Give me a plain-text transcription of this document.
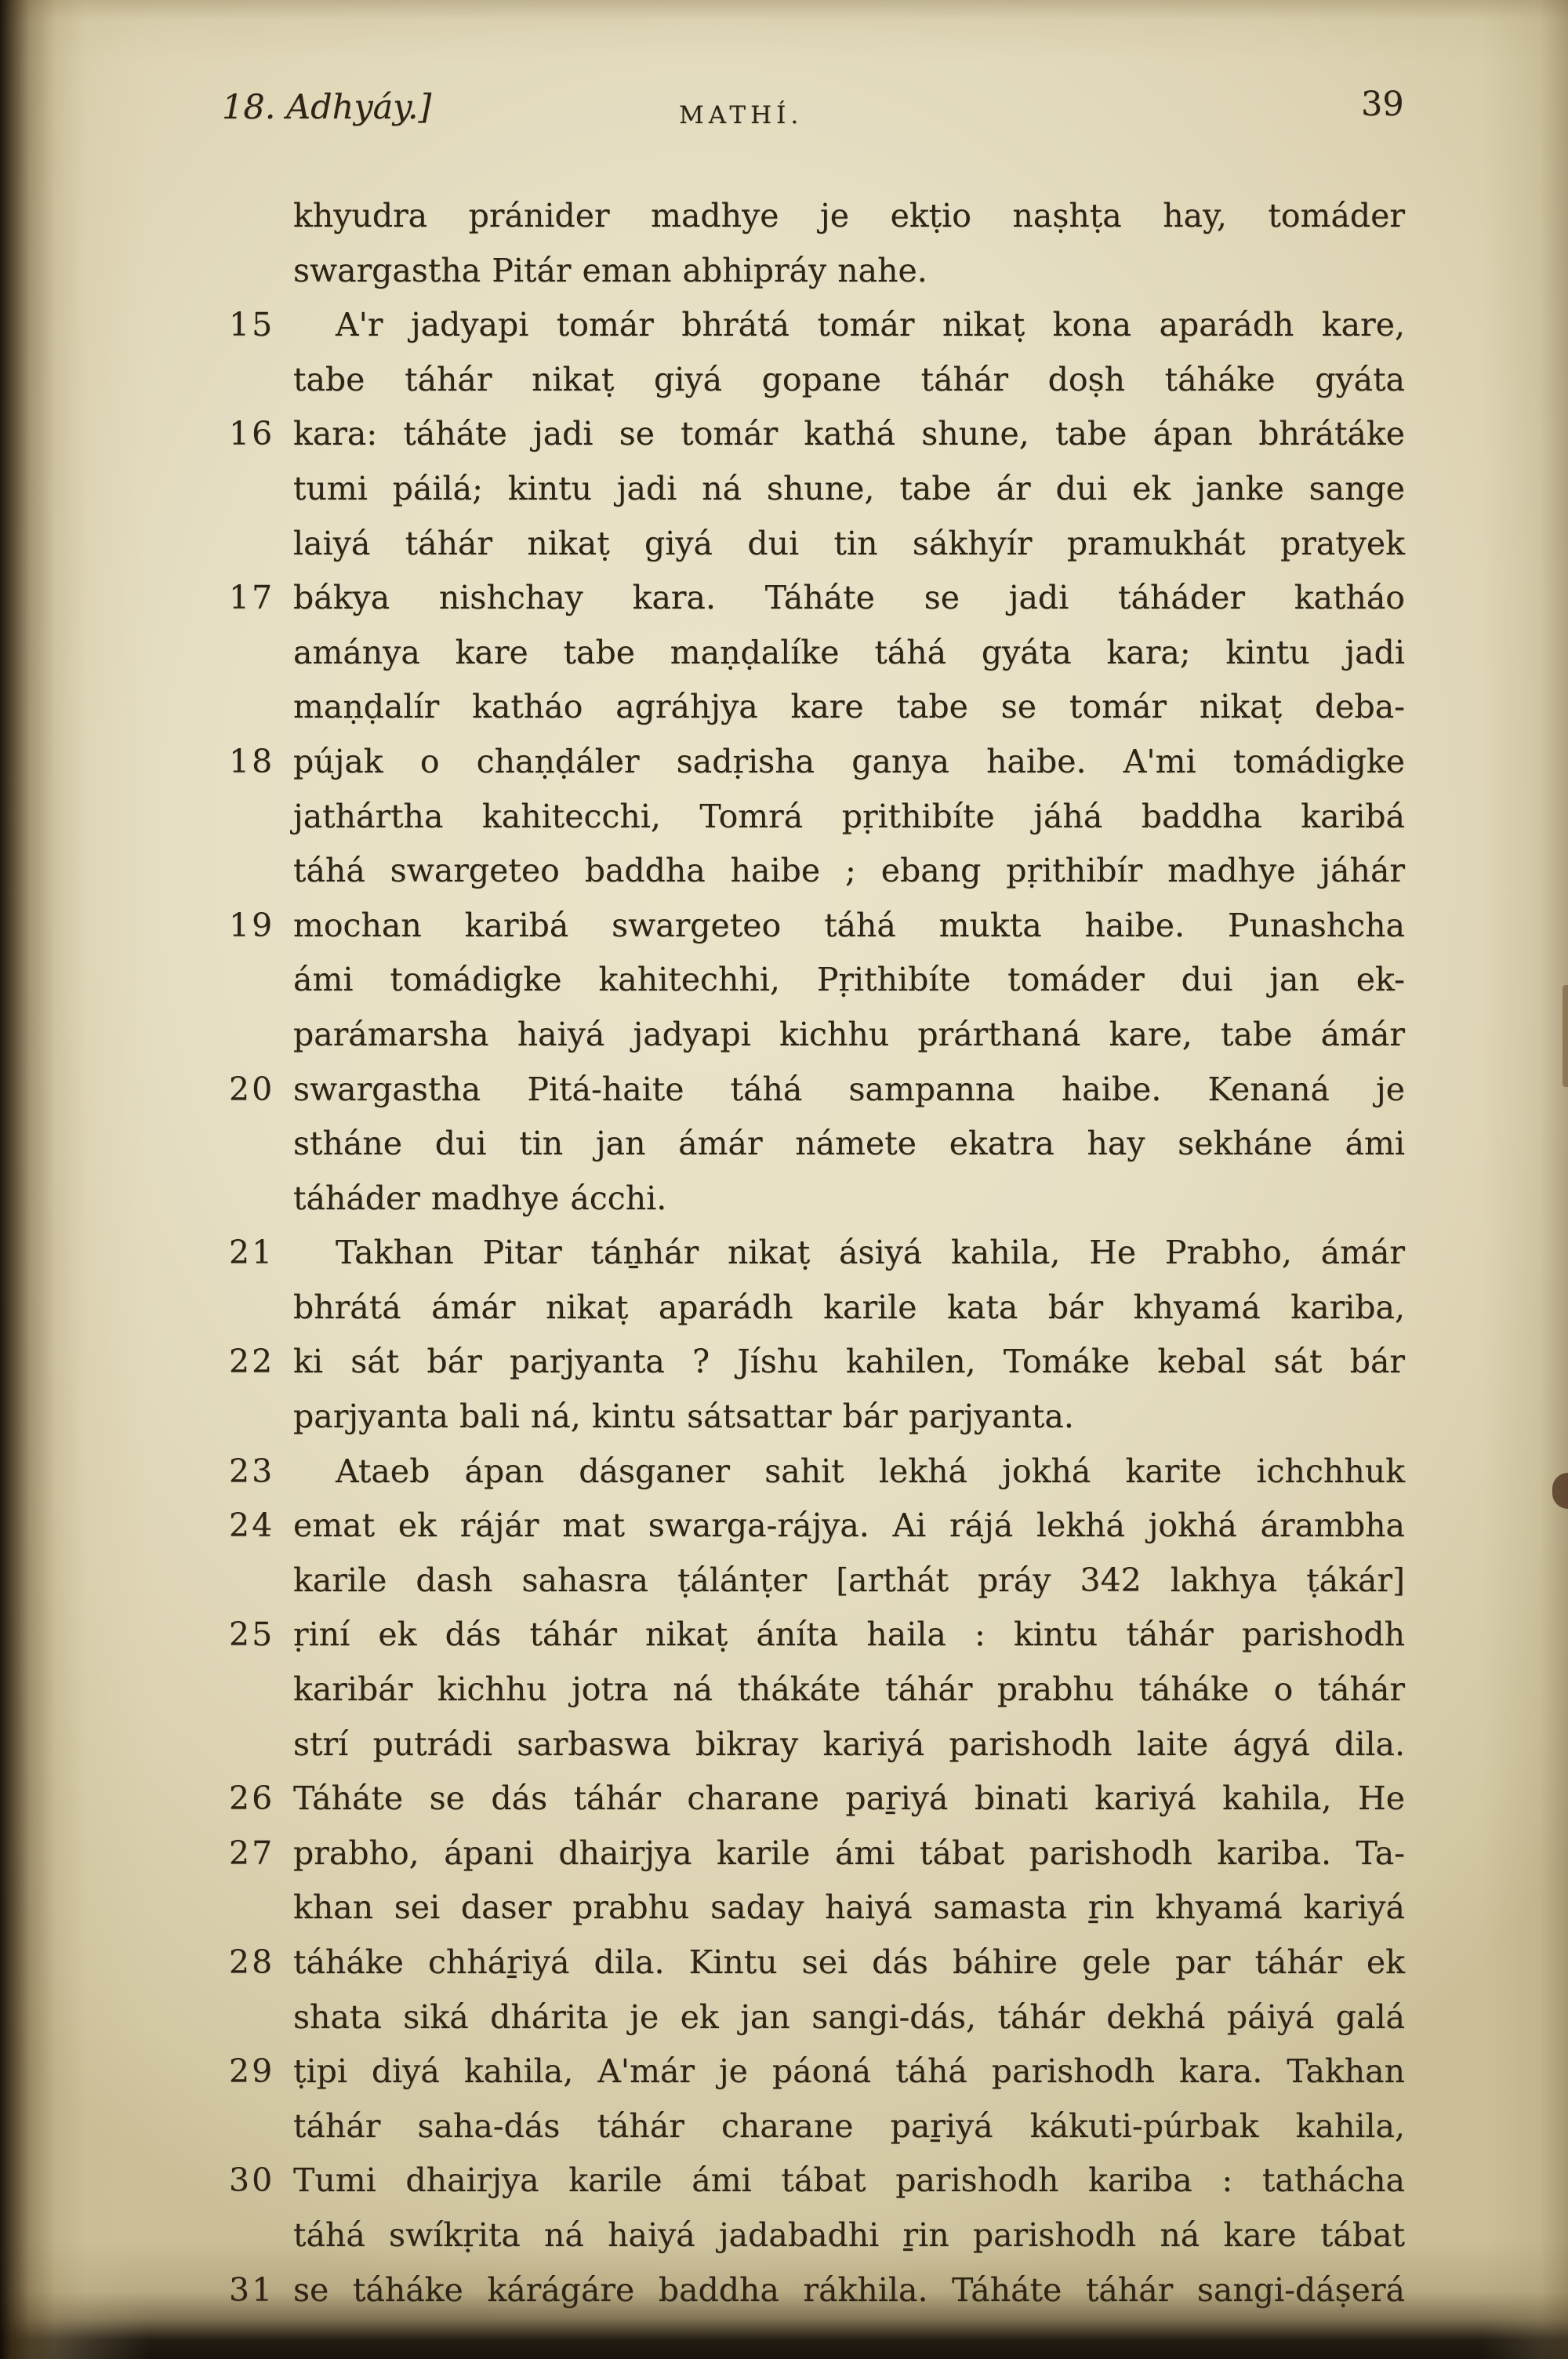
18. Adhyáy.]	MATHÍ.	39
khyudra pránider madhye je ekṭio naṣhṭa hay, tomáder
swargastha Pitár eman abhipráy nahe.
15	A'r jadyapi tomár bhrátá tomár nikaṭ kona aparádh kare,
tabe táhár nikaṭ giyá gopane táhár doṣh táháke gyáta
16 kara: táháte jadi se tomár kathá shune, tabe ápan bhrátáke
tumi páilá; kintu jadi ná shune, tabe ár dui ek janke sange
laiyá táhár nikaṭ giyá dui tin sákhyír pramukhát pratyek
17 bákya nishchay kara. Táháte se jadi táháder katháo
amánya kare tabe maṇḍalíke táhá gyáta kara; kintu jadi
maṇḍalír katháo agráhjya kare tabe se tomár nikaṭ deba-
18 pújak o chaṇḍáler sadṛisha ganya haibe. A'mi tomádigke
jathártha kahitecchi, Tomrá pṛithibíte jáhá baddha karibá
táhá swargeteo baddha haibe ; ebang pṛithibír madhye jáhár
19 mochan karibá swargeteo táhá mukta haibe. Punashcha
ámi tomádigke kahitechhi, Pṛithibíte tomáder dui jan ek-
parámarsha haiyá jadyapi kichhu prárthaná kare, tabe ámár
20 swargastha Pitá-haite táhá sampanna haibe. Kenaná je
stháne dui tin jan ámár námete ekatra hay sekháne ámi
táháder madhye ácchi.
21	Takhan Pitar táṉhár nikaṭ ásiyá kahila, He Prabho, ámár
bhrátá ámár nikaṭ aparádh karile kata bár khyamá kariba,
22 ki sát bár parjyanta ? Jíshu kahilen, Tomáke kebal sát bár
parjyanta bali ná, kintu sátsattar bár parjyanta.
23	Ataeb ápan dásganer sahit lekhá jokhá karite ichchhuk
24 emat ek rájár mat swarga-rájya. Ai rájá lekhá jokhá árambha
karile dash sahasra ṭálánṭer [arthát práy 342 lakhya ṭákár]
25 ṛiní ek dás táhár nikaṭ áníta haila : kintu táhár parishodh
karibár kichhu jotra ná thákáte táhár prabhu táháke o táhár
strí putrádi sarbaswa bikray kariyá parishodh laite ágyá dila.
26 Táháte se dás táhár charane paṟiyá binati kariyá kahila, He
27 prabho, ápani dhairjya karile ámi tábat parishodh kariba. Ta-
khan sei daser prabhu saday haiyá samasta ṟin khyamá kariyá
28 táháke chháṟiyá dila. Kintu sei dás báhire gele par táhár ek
shata siká dhárita je ek jan sangi-dás, táhár dekhá páiyá galá
29 ṭipi diyá kahila, A'már je páoná táhá parishodh kara. Takhan
táhár saha-dás táhár charane paṟiyá kákuti-púrbak kahila,
30 Tumi dhairjya karile ámi tábat parishodh kariba : tathácha
táhá swíkṛita ná haiyá jadabadhi ṟin parishodh ná kare tábat
31 se táháke kárágáre baddha rákhila. Táháte táhár sangi-dáṣerá
